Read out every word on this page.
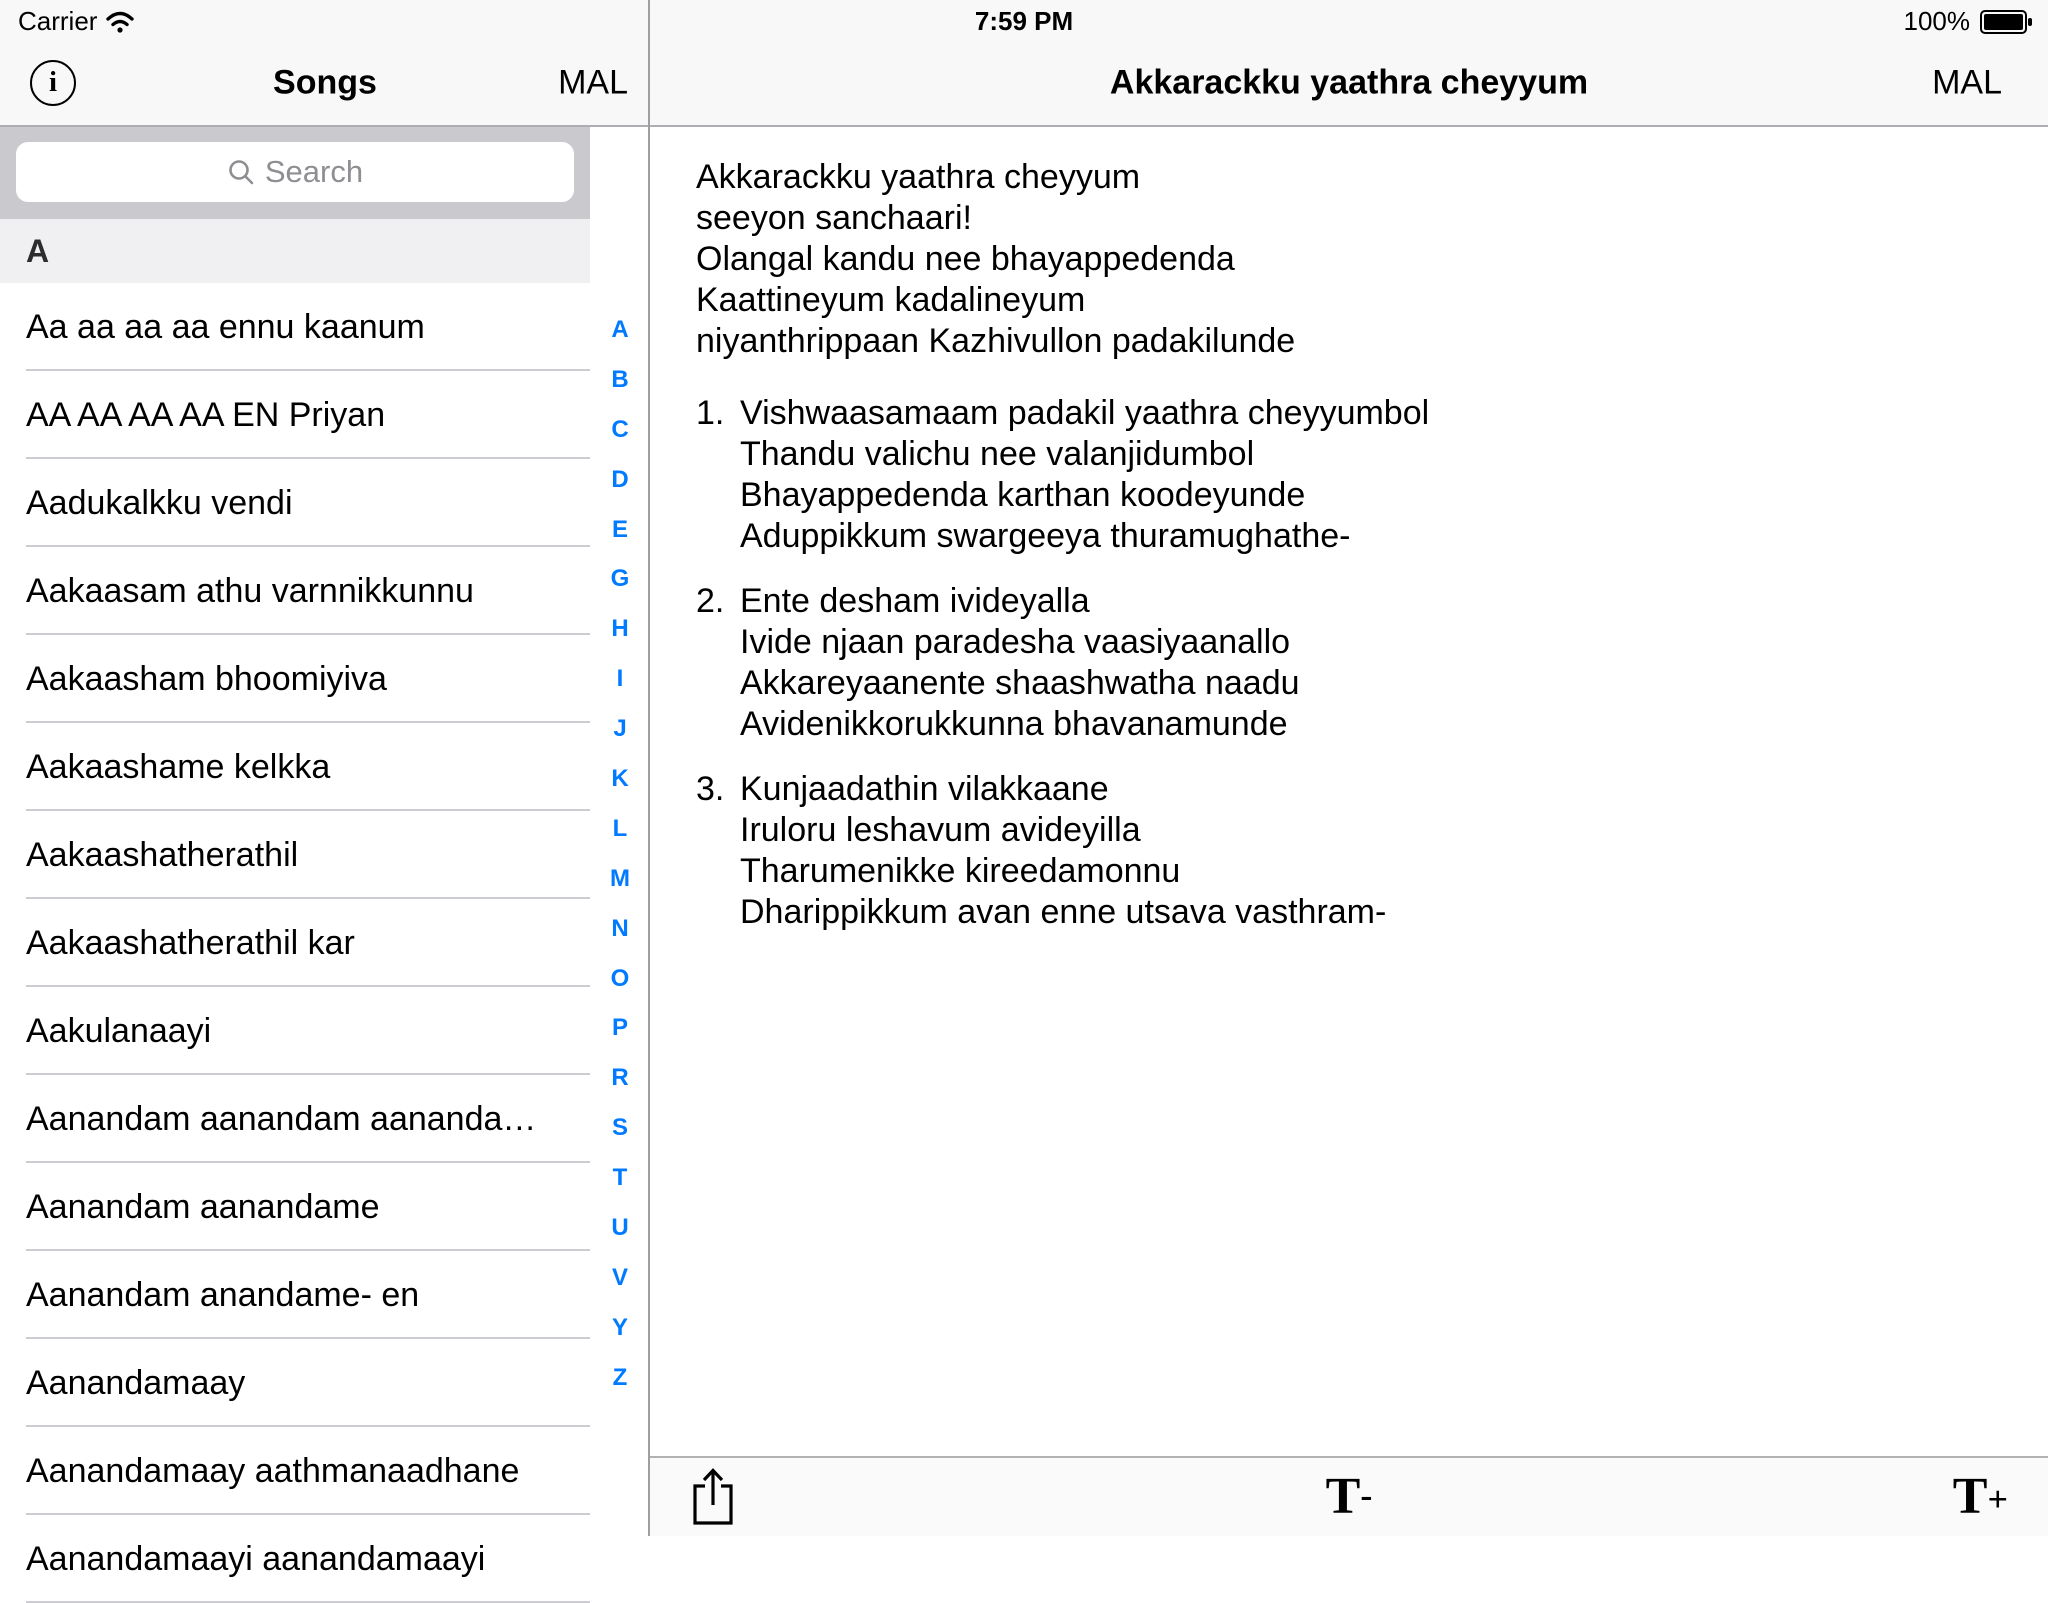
Carrier	7:59 PM	100%
i	Songs	MAL	Akkarackku yaathra cheyyum	MAL
Search
A
Aa aa aa aa ennu kaanum
AA AA AA AA EN Priyan
Aadukalkku vendi
Aakaasam athu varnnikkunnu
Aakaasham bhoomiyiva
Aakaashame kelkka
Aakaashatherathil
Aakaashatherathil kar
Aakulanaayi
Aanandam aanandam aananda…
Aanandam aanandame
Aanandam anandame- en
Aanandamaay
Aanandamaay aathmanaadhane
Aanandamaayi aanandamaayi
A
B
C
D
E
G
H
I
J
K
L
M
N
O
P
R
S
T
U
V
Y
Z
Akkarackku yaathra cheyyum
seeyon sanchaari!
Olangal kandu nee bhayappedenda
Kaattineyum kadalineyum
niyanthrippaan Kazhivullon padakilunde
1. Vishwaasamaam padakil yaathra cheyyumbol
Thandu valichu nee valanjidumbol
Bhayappedenda karthan koodeyunde
Aduppikkum swargeeya thuramughathe-
2. Ente desham ivideyalla
Ivide njaan paradesha vaasiyaanallo
Akkareyaanente shaashwatha naadu
Avidenikkorukkunna bhavanamunde
3. Kunjaadathin vilakkaane
Iruloru leshavum avideyilla
Tharumenikke kireedamonnu
Dharippikkum avan enne utsava vasthram-
T-	T+
